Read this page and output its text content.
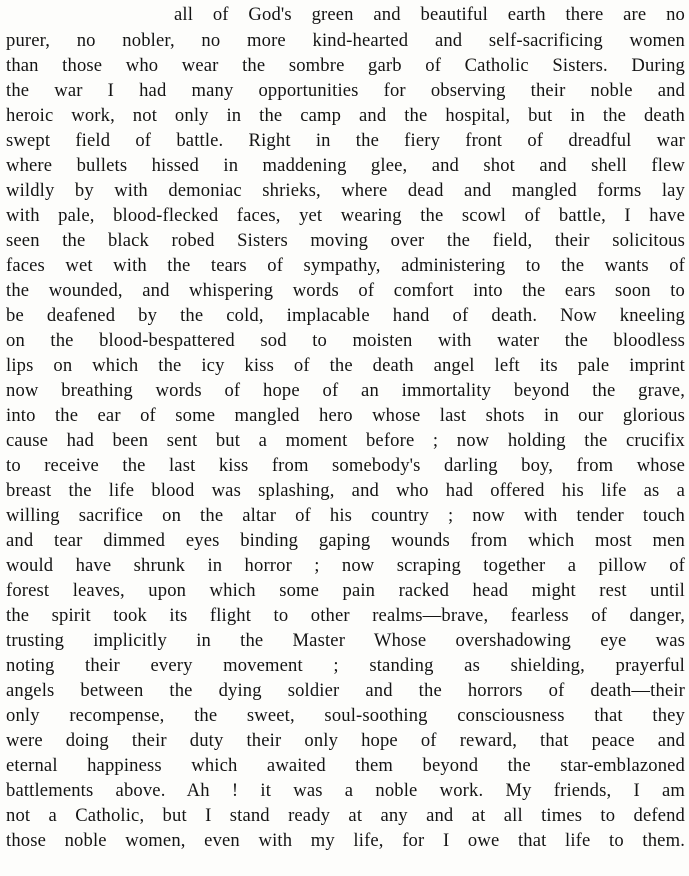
all of God's green and beautiful earth there are no
purer, no nobler, no more kind-hearted and self-sacrificing women
than those who wear the sombre garb of Catholic Sisters. During
the war I had many opportunities for observing their noble and
heroic work, not only in the camp and the hospital, but in the death
swept field of battle. Right in the fiery front of dreadful war
where bullets hissed in maddening glee, and shot and shell flew
wildly by with demoniac shrieks, where dead and mangled forms lay
with pale, blood-flecked faces, yet wearing the scowl of battle, I have
seen the black robed Sisters moving over the field, their solicitous
faces wet with the tears of sympathy, administering to the wants of
the wounded, and whispering words of comfort into the ears soon to
be deafened by the cold, implacable hand of death. Now kneeling
on the blood-bespattered sod to moisten with water the bloodless
lips on which the icy kiss of the death angel left its pale imprint
now breathing words of hope of an immortality beyond the grave,
into the ear of some mangled hero whose last shots in our glorious
cause had been sent but a moment before ; now holding the crucifix
to receive the last kiss from somebody's darling boy, from whose
breast the life blood was splashing, and who had offered his life as a
willing sacrifice on the altar of his country ; now with tender touch
and tear dimmed eyes binding gaping wounds from which most men
would have shrunk in horror ; now scraping together a pillow of
forest leaves, upon which some pain racked head might rest until
the spirit took its flight to other realms—brave, fearless of danger,
trusting implicitly in the Master Whose overshadowing eye was
noting their every movement ; standing as shielding, prayerful
angels between the dying soldier and the horrors of death—their
only recompense, the sweet, soul-soothing consciousness that they
were doing their duty their only hope of reward, that peace and
eternal happiness which awaited them beyond the star-emblazoned
battlements above. Ah ! it was a noble work. My friends, I am
not a Catholic, but I stand ready at any and at all times to defend
those noble women, even with my life, for I owe that life to them.
